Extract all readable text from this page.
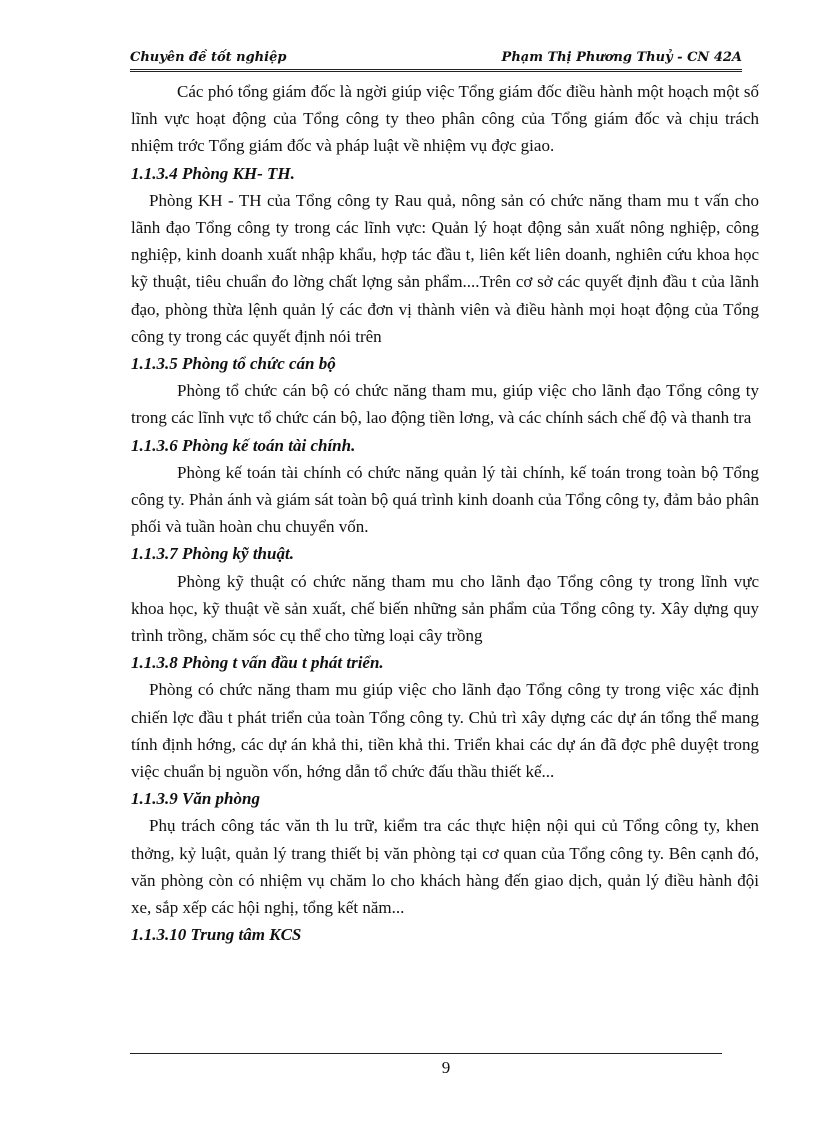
Chuyên đề tốt nghiệp	Phạm Thị Phương Thuỷ - CN 42A

Các phó tổng giám đốc là ngời giúp việc Tổng giám đốc điều hành một hoạch một số lĩnh vực hoạt động của Tổng công ty theo phân công của Tổng giám đốc và chịu trách nhiệm trớc Tổng giám đốc và pháp luật về nhiệm vụ đợc giao.

1.1.3.4 Phòng KH- TH.

Phòng KH - TH của Tổng công ty Rau quả, nông sản có chức năng tham mu t vấn cho lãnh đạo Tổng công ty trong các lĩnh vực: Quản lý hoạt động sản xuất nông nghiệp, công nghiệp, kinh doanh xuất nhập khẩu, hợp tác đầu t, liên kết liên doanh, nghiên cứu khoa học kỹ thuật, tiêu chuẩn đo lờng chất lợng sản phẩm....Trên cơ sở các quyết định đầu t của lãnh đạo, phòng thừa lệnh quản lý các đơn vị thành viên và điều hành mọi hoạt động của Tổng công ty trong các quyết định nói trên

1.1.3.5 Phòng tổ chức cán bộ

Phòng tổ chức cán bộ có chức năng tham mu, giúp việc cho lãnh đạo Tổng công ty trong các lĩnh vực tổ chức cán bộ, lao động tiền lơng, và các chính sách chế độ và thanh tra

1.1.3.6 Phòng kế toán tài chính.

Phòng kế toán tài chính có chức năng quản lý tài chính, kế toán trong toàn bộ Tổng công ty. Phản ánh và giám sát toàn bộ quá trình kinh doanh của Tổng công ty, đảm bảo phân phối và tuần hoàn chu chuyển vốn.

1.1.3.7 Phòng kỹ thuật.

Phòng kỹ thuật có chức năng tham mu cho lãnh đạo Tổng công ty trong lĩnh vực khoa học, kỹ thuật về sản xuất, chế biến những sản phẩm của Tổng công ty. Xây dựng quy trình trồng, chăm sóc cụ thể cho từng loại cây trồng

1.1.3.8 Phòng t vấn đầu t phát triển.

Phòng có chức năng tham mu giúp việc cho lãnh đạo Tổng công ty trong việc xác định chiến lợc đầu t phát triển của toàn Tổng công ty. Chủ trì xây dựng các dự án tổng thể mang tính định hớng, các dự án khả thi, tiền khả thi. Triển khai các dự án đã đợc phê duyệt trong việc chuẩn bị nguồn vốn, hớng dẫn tổ chức đấu thầu thiết kế...

1.1.3.9 Văn phòng

Phụ trách công tác văn th lu trữ, kiểm tra các thực hiện nội qui củ Tổng công ty, khen thởng, kỷ luật, quản lý trang thiết bị văn phòng tại cơ quan của Tổng công ty. Bên cạnh đó, văn phòng còn có nhiệm vụ chăm lo cho khách hàng đến giao dịch, quản lý điều hành đội xe, sắp xếp các hội nghị, tổng kết năm...

1.1.3.10 Trung tâm KCS
9
